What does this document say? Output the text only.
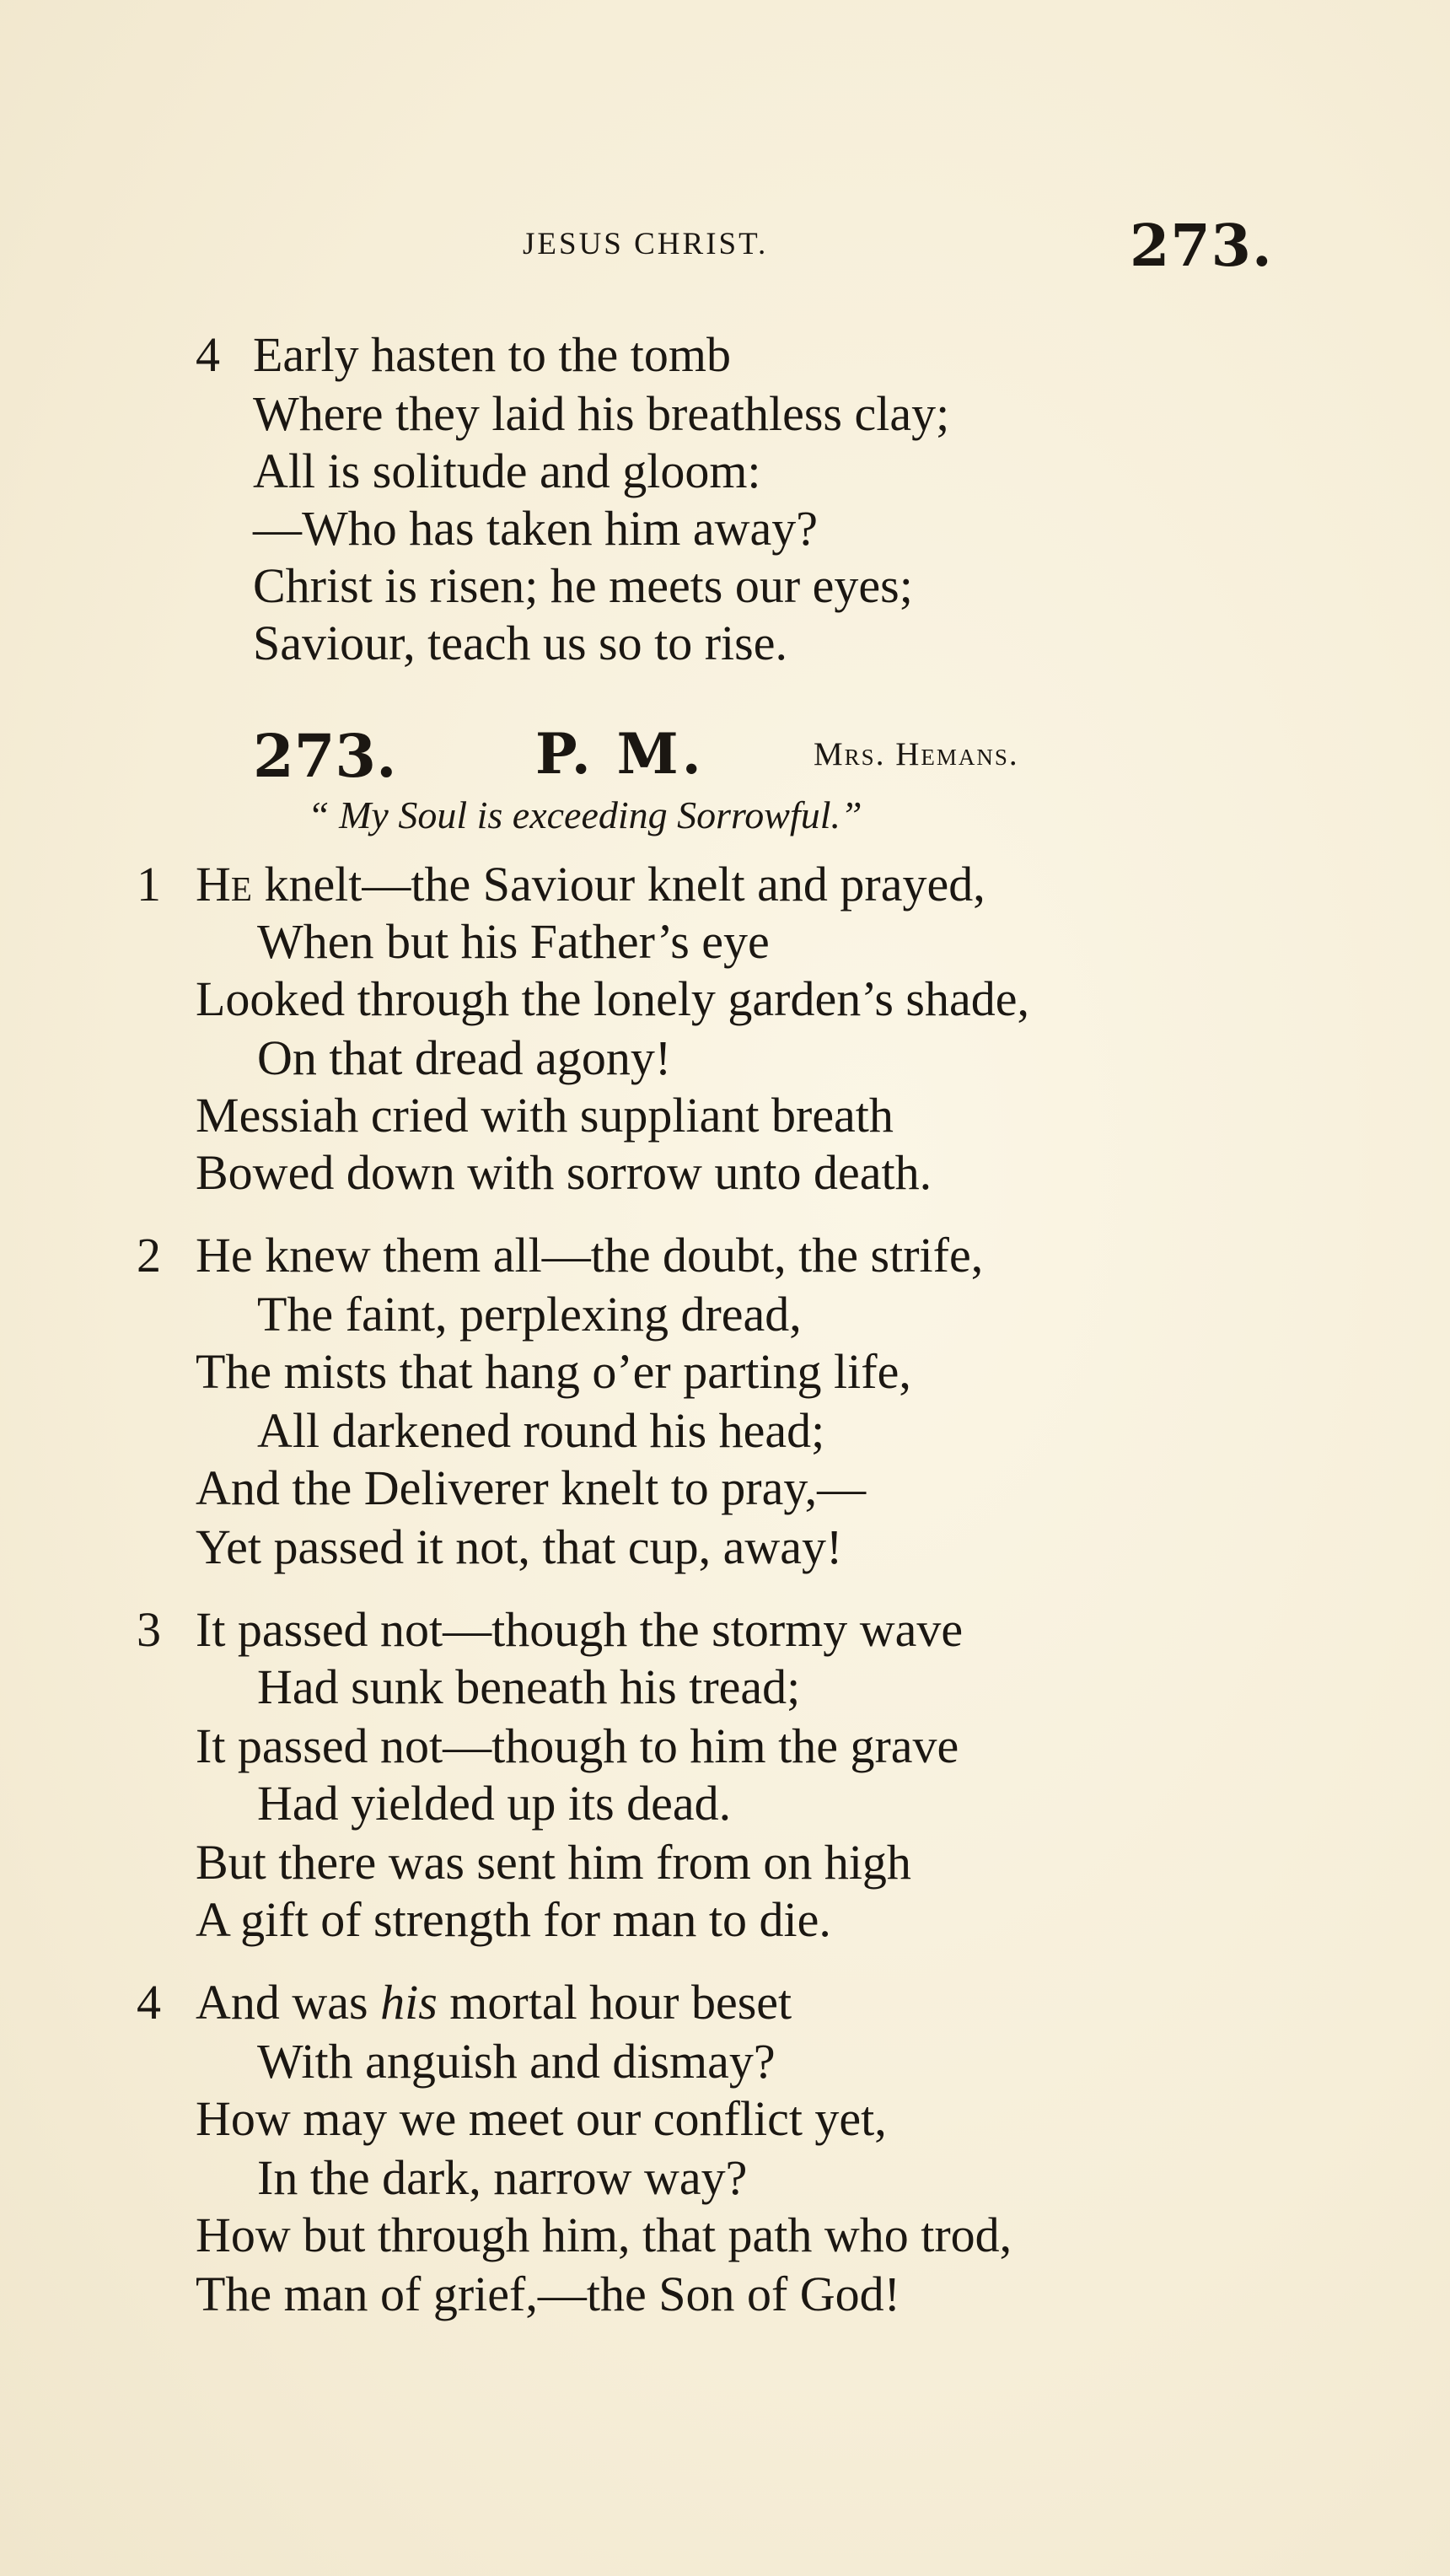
JESUS CHRIST.	273.
4 Early hasten to the tomb
Where they laid his breathless clay;
All is solitude and gloom:
—Who has taken him away?
Christ is risen; he meets our eyes;
Saviour, teach us so to rise.
273. P. M.	Mrs. Hemans.
“ My Soul is exceeding Sorrowful.”
1 He knelt—the Saviour knelt and prayed,
When but his Father’s eye
Looked through the lonely garden’s shade,
On that dread agony!
Messiah cried with suppliant breath
Bowed down with sorrow unto death.
2 He knew them all—the doubt, the strife,
The faint, perplexing dread,
The mists that hang o’er parting life,
All darkened round his head;
And the Deliverer knelt to pray,—
Yet passed it not, that cup, away!
3 It passed not—though the stormy wave
Had sunk beneath his tread;
It passed not—though to him the grave
Had yielded up its dead.
But there was sent him from on high
A gift of strength for man to die.
4 And was his mortal hour beset
With anguish and dismay?
How may we meet our conflict yet,
In the dark, narrow way?
How but through him, that path who trod,
The man of grief,—the Son of God!
